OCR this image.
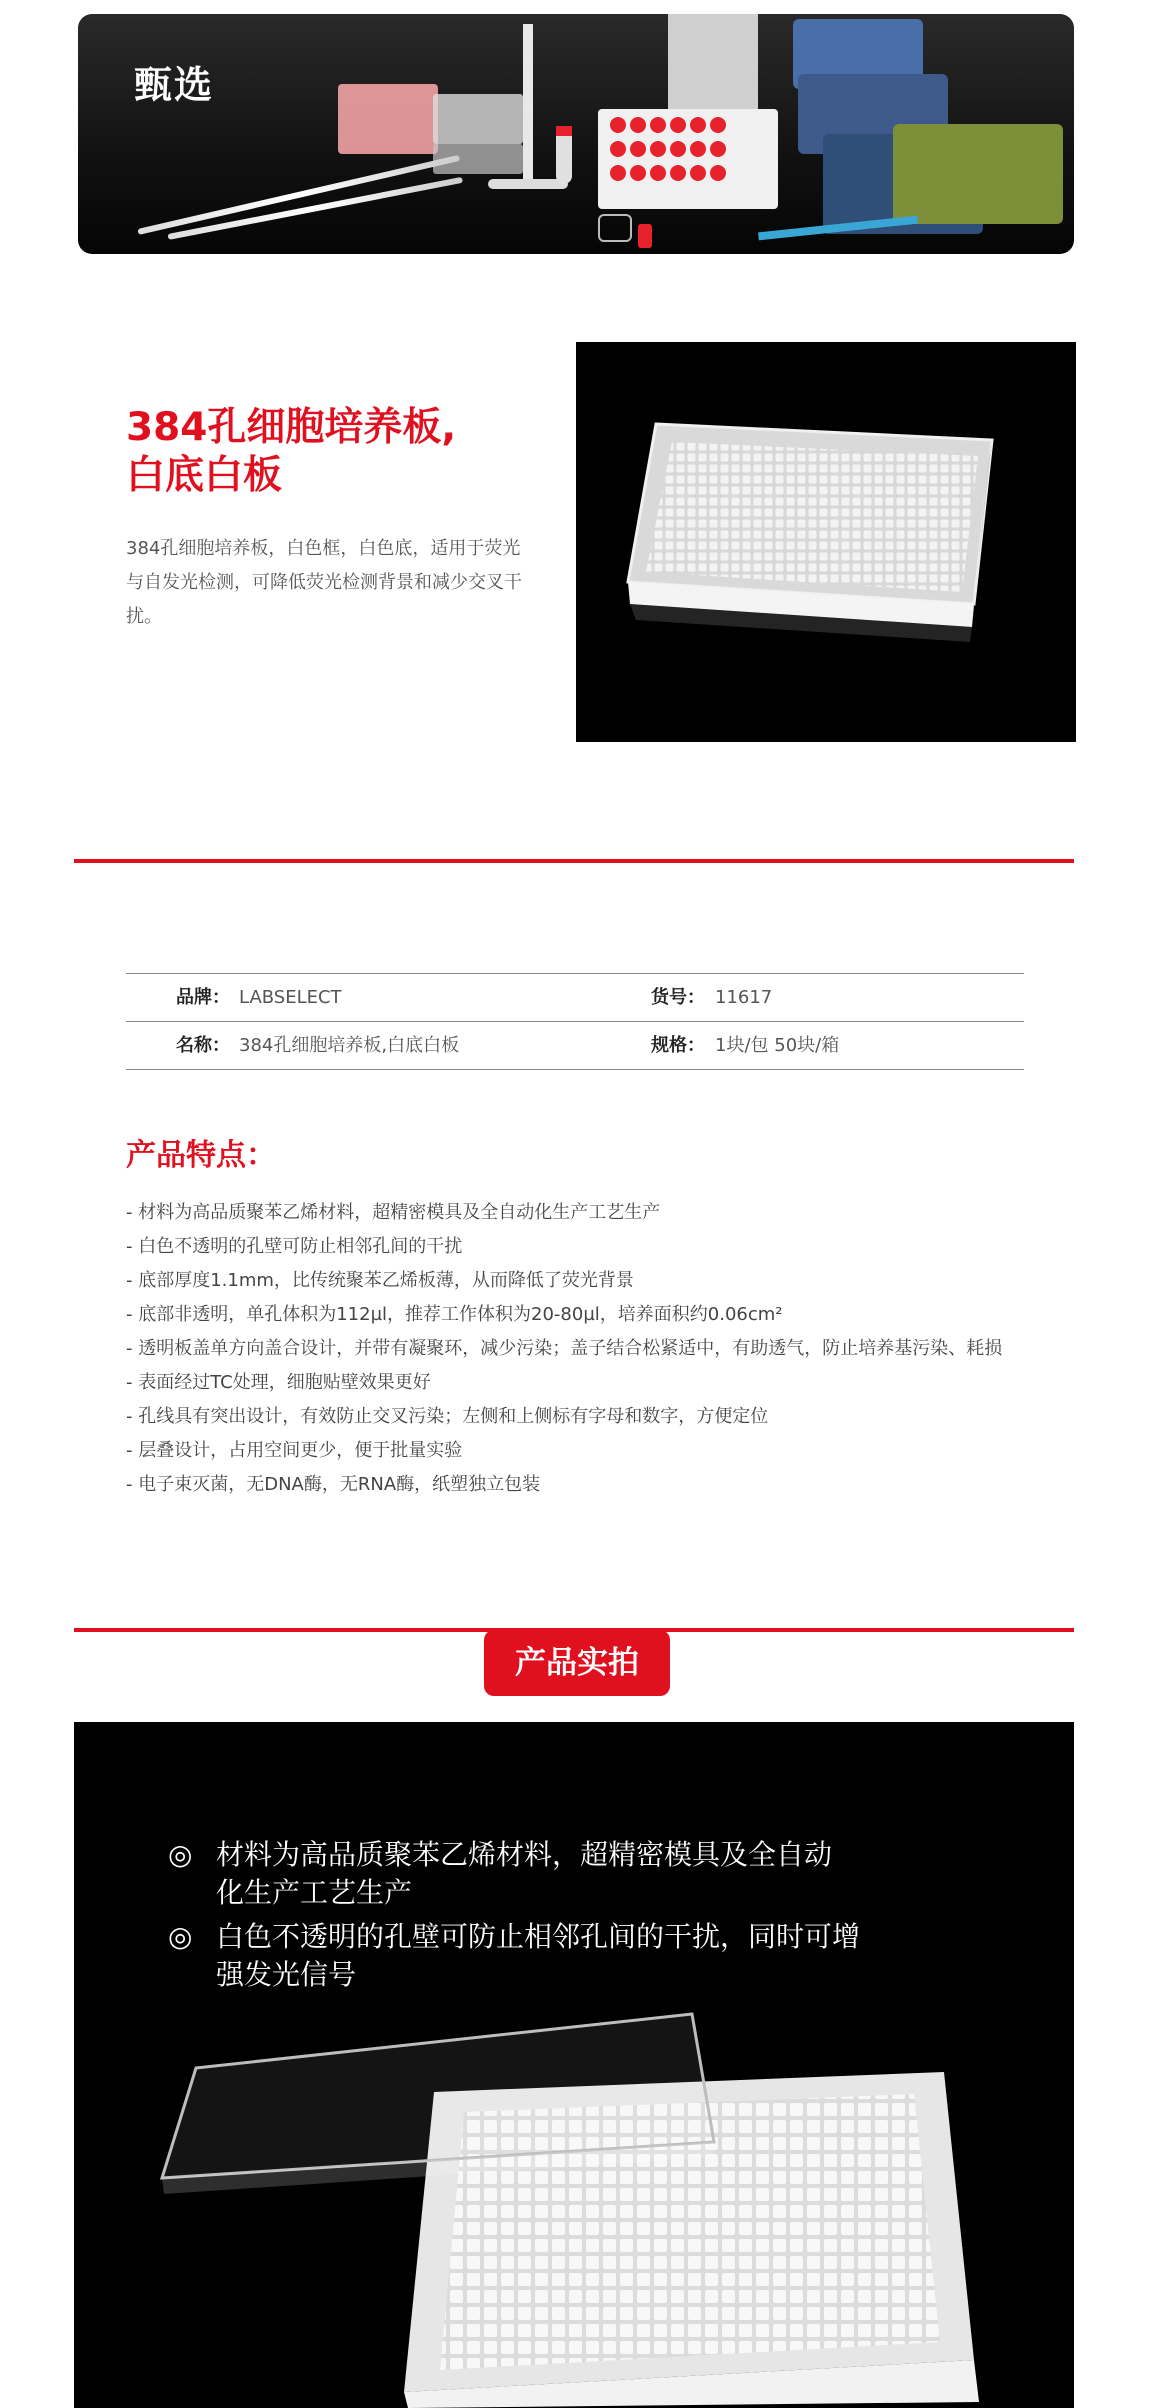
甄选

384孔细胞培养板,
白底白板
384孔细胞培养板，白色框，白色底，适用于荧光与自发光检测，可降低荧光检测背景和减少交叉干扰。
品牌： LABSELECT	货号： 11617
名称： 384孔细胞培养板,白底白板	规格： 1块/包 50块/箱
产品特点：
- 材料为高品质聚苯乙烯材料，超精密模具及全自动化生产工艺生产
- 白色不透明的孔壁可防止相邻孔间的干扰
- 底部厚度1.1mm，比传统聚苯乙烯板薄，从而降低了荧光背景
- 底部非透明，单孔体积为112µl，推荐工作体积为20-80µl，培养面积约0.06cm²
- 透明板盖单方向盖合设计，并带有凝聚环，减少污染；盖子结合松紧适中，有助透气，防止培养基污染、耗损
- 表面经过TC处理，细胞贴壁效果更好
- 孔线具有突出设计，有效防止交叉污染；左侧和上侧标有字母和数字，方便定位
- 层叠设计，占用空间更少，便于批量实验
- 电子束灭菌，无DNA酶，无RNA酶，纸塑独立包装
产品实拍
◎ 材料为高品质聚苯乙烯材料，超精密模具及全自动
化生产工艺生产
◎ 白色不透明的孔壁可防止相邻孔间的干扰，同时可增
强发光信号
